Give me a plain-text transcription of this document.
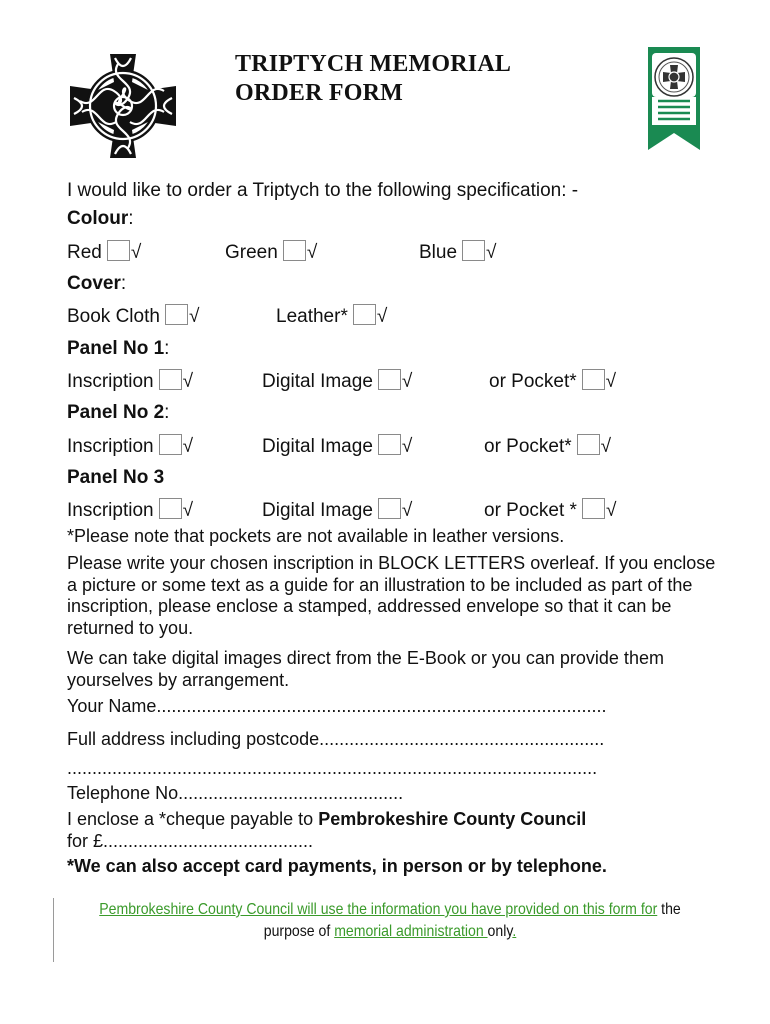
TRIPTYCH MEMORIAL
ORDER FORM
I would like to order a Triptych to the following specification: -
Colour:
Red √	Green √	Blue √
Cover:
Book Cloth √	Leather* √
Panel No 1:
Inscription √	Digital Image √	or Pocket* √
Panel No 2:
Inscription √	Digital Image √	or Pocket* √
Panel No 3
Inscription √	Digital Image √	or Pocket * √
*Please note that pockets are not available in leather versions.
Please write your chosen inscription in BLOCK LETTERS overleaf. If you enclose a picture or some text as a guide for an illustration to be included as part of the inscription, please enclose a stamped, addressed envelope so that it can be returned to you.
We can take digital images direct from the E-Book or you can provide them yourselves by arrangement.
Your Name..........................................................................................
Full address including postcode.........................................................
..........................................................................................................
Telephone No.............................................
I enclose a *cheque payable to Pembrokeshire County Council
for £..........................................
*We can also accept card payments, in person or by telephone.
Pembrokeshire County Council will use the information you have provided on this form for the purpose of memorial administration only.
